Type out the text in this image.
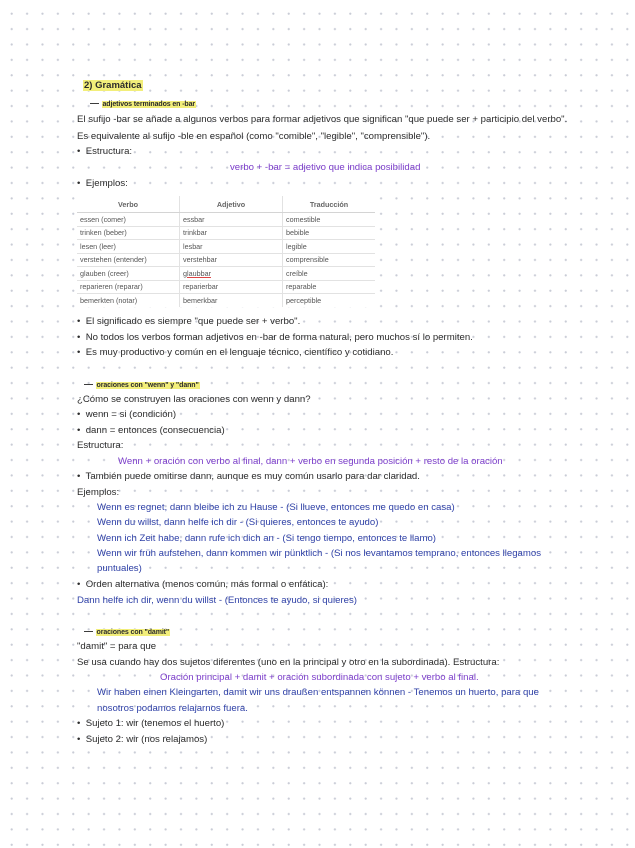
2) Gramática
— adjetivos terminados en -bar
El sufijo -bar se añade a algunos verbos para formar adjetivos que significan "que puede ser + participio del verbo".
Es equivalente al sufijo -ble en español (como "comible", "legible", "comprensible").
•  Estructura:
verbo + -bar = adjetivo que indica posibilidad
•  Ejemplos:
Verbo	Adjetivo	Traducción
essen (comer)	essbar	comestible
trinken (beber)	trinkbar	bebible
lesen (leer)	lesbar	legible
verstehen (entender)	verstehbar	comprensible
glauben (creer)	glaubbar	creíble
reparieren (reparar)	reparierbar	reparable
bemerkten (notar)	bemerkbar	perceptible
•  El significado es siempre "que puede ser + verbo".
•  No todos los verbos forman adjetivos en -bar de forma natural, pero muchos sí lo permiten.
•  Es muy productivo y común en el lenguaje técnico, científico y cotidiano.
— oraciones con "wenn" y "dann"
¿Cómo se construyen las oraciones con wenn y dann?
•  wenn = si (condición)
•  dann = entonces (consecuencia)
Estructura:
Wenn + oración con verbo al final, dann + verbo en segunda posición + resto de la oración
•  También puede omitirse dann, aunque es muy común usarlo para dar claridad.
Ejemplos:
Wenn es regnet, dann bleibe ich zu Hause - (Si llueve, entonces me quedo en casa)
Wenn du willst, dann helfe ich dir - (Si quieres, entonces te ayudo)
Wenn ich Zeit habe, dann rufe ich dich an - (Si tengo tiempo, entonces te llamo)
Wenn wir früh aufstehen, dann kommen wir pünktlich - (Si nos levantamos temprano, entonces llegamos
puntuales)
•  Orden alternativa (menos común, más formal o enfática):
Dann helfe ich dir, wenn du willst - (Entonces te ayudo, si quieres)
— oraciones con "damit"
"damit" = para que
Se usa cuando hay dos sujetos diferentes (uno en la principal y otro en la subordinada). Estructura:
Oración principal + damit + oración subordinada con sujeto + verbo al final.
Wir haben einen Kleingarten, damit wir uns draußen entspannen können - Tenemos un huerto, para que
nosotros podamos relajarnos fuera.
•  Sujeto 1: wir (tenemos el huerto)
•  Sujeto 2: wir (nos relajamos)
